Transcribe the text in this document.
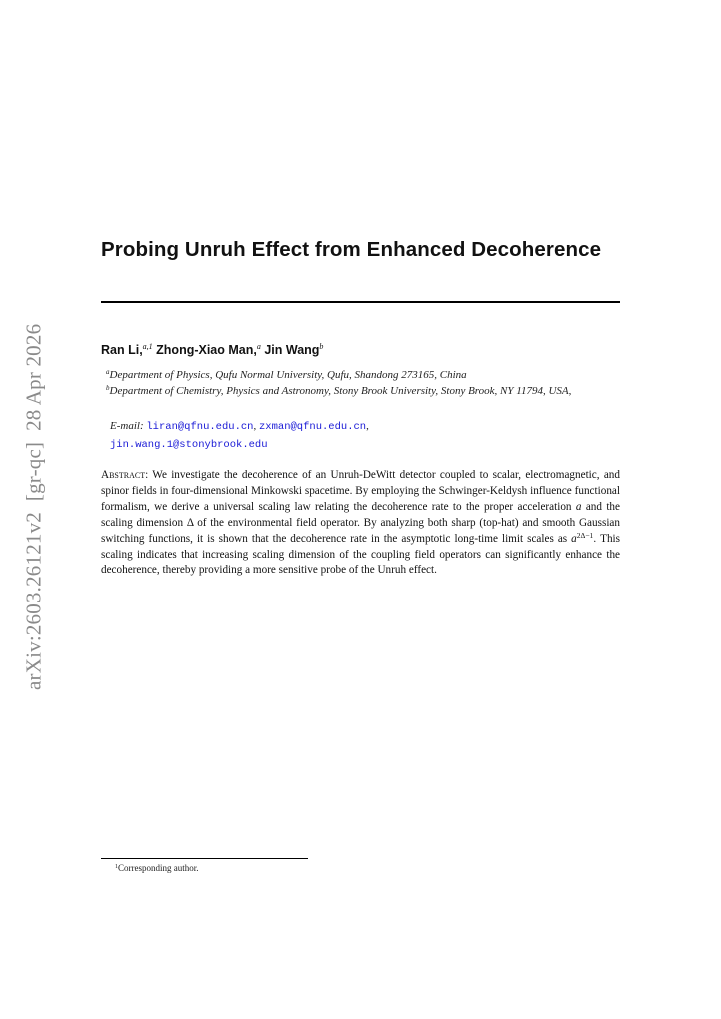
arXiv:2603.26121v2  [gr-qc]  28 Apr 2026
Probing Unruh Effect from Enhanced Decoherence
Ran Li,$^{a,1}$ Zhong-Xiao Man,$^a$ Jin Wang$^b$
$^a$Department of Physics, Qufu Normal University, Qufu, Shandong 273165, China
$^b$Department of Chemistry, Physics and Astronomy, Stony Brook University, Stony Brook, NY 11794, USA,
E-mail: liran@qfnu.edu.cn, zxman@qfnu.edu.cn,
jin.wang.1@stonybrook.edu
Abstract: We investigate the decoherence of an Unruh-DeWitt detector coupled to scalar, electromagnetic, and spinor fields in four-dimensional Minkowski spacetime. By employing the Schwinger-Keldysh influence functional formalism, we derive a universal scaling law relating the decoherence rate to the proper acceleration a and the scaling dimension Δ of the environmental field operator. By analyzing both sharp (top-hat) and smooth Gaussian switching functions, it is shown that the decoherence rate in the asymptotic long-time limit scales as $a^{2\Delta-1}$. This scaling indicates that increasing scaling dimension of the coupling field operators can significantly enhance the decoherence, thereby providing a more sensitive probe of the Unruh effect.
$^1$Corresponding author.
